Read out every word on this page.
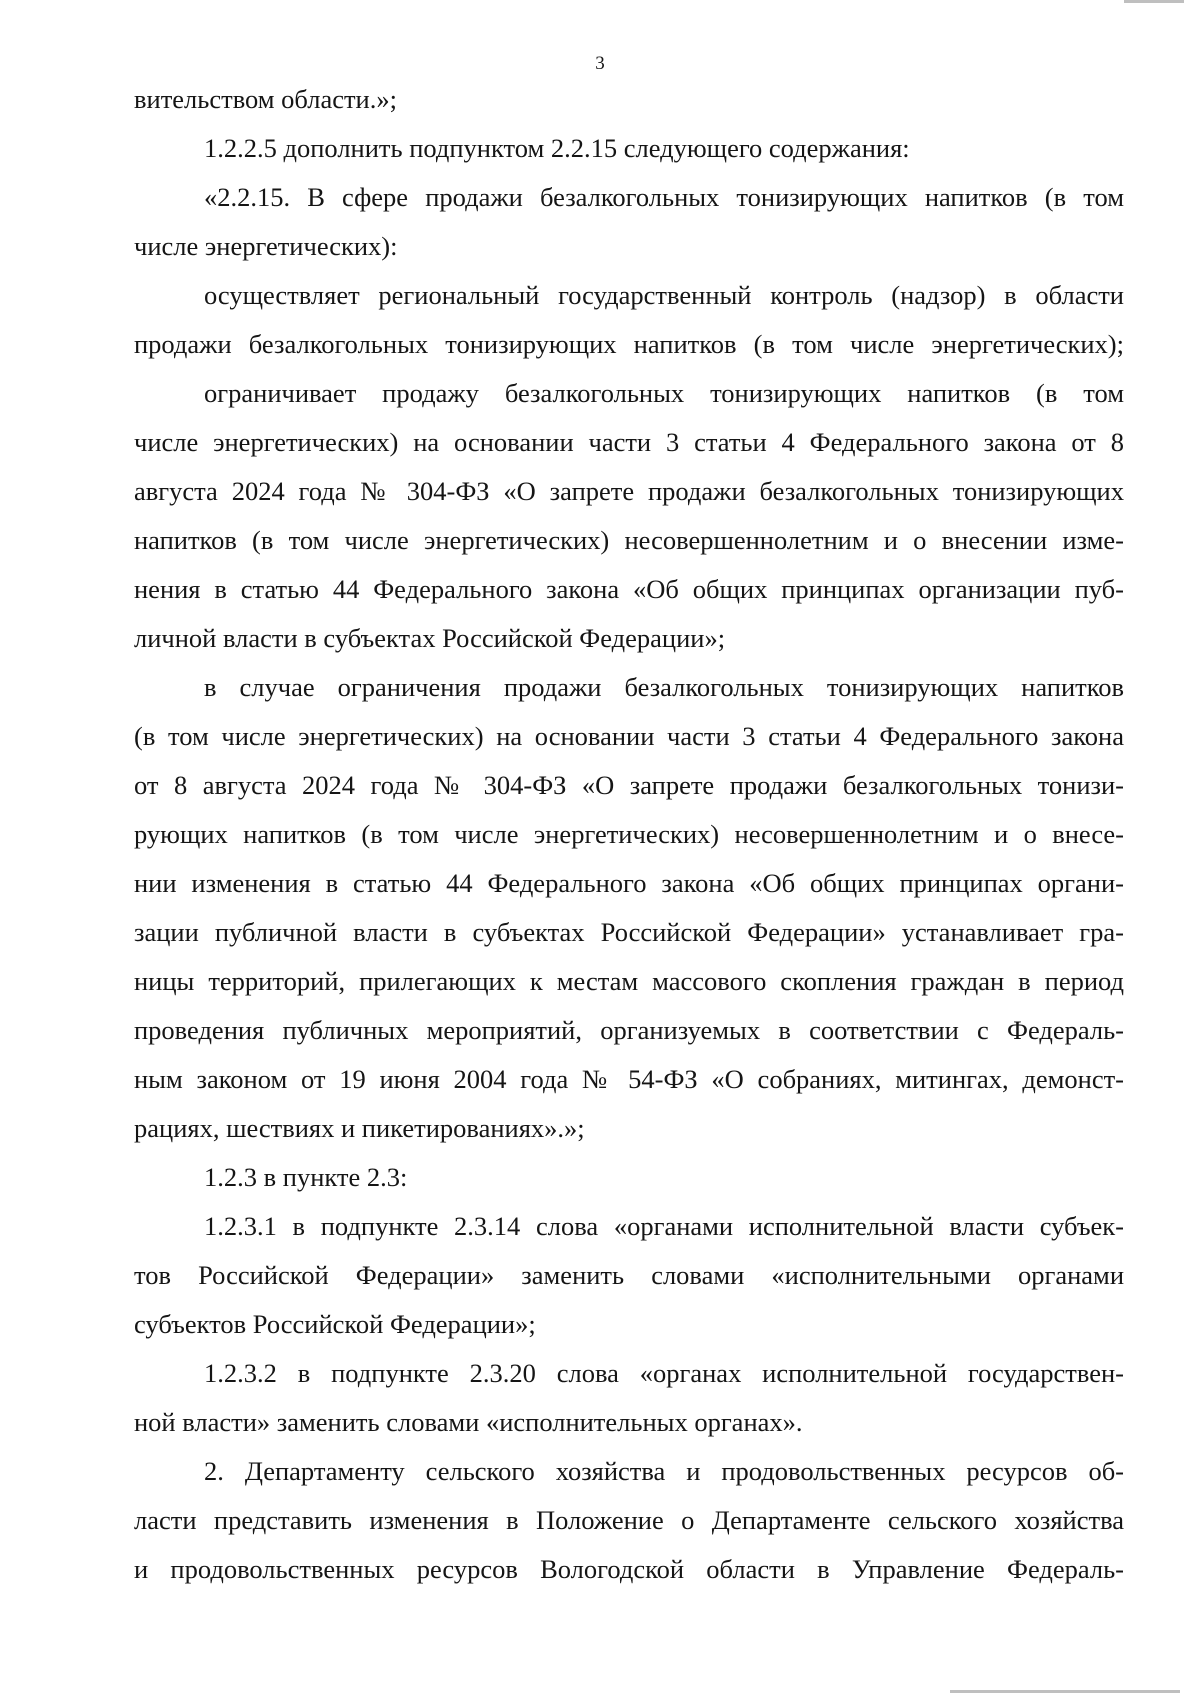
3
вительством области.»;
1.2.2.5 дополнить подпунктом 2.2.15 следующего содержания:
«2.2.15. В сфере продажи безалкогольных тонизирующих напитков (в том
числе энергетических):
осуществляет региональный государственный контроль (надзор) в области
продажи безалкогольных тонизирующих напитков (в том числе энергетических);
ограничивает продажу безалкогольных тонизирующих напитков (в том
числе энергетических) на основании части 3 статьи 4 Федерального закона от 8
августа 2024 года № 304-ФЗ «О запрете продажи безалкогольных тонизирующих
напитков (в том числе энергетических) несовершеннолетним и о внесении изме-
нения в статью 44 Федерального закона «Об общих принципах организации пуб-
личной власти в субъектах Российской Федерации»;
в случае ограничения продажи безалкогольных тонизирующих напитков
(в том числе энергетических) на основании части 3 статьи 4 Федерального закона
от 8 августа 2024 года № 304-ФЗ «О запрете продажи безалкогольных тонизи-
рующих напитков (в том числе энергетических) несовершеннолетним и о внесе-
нии изменения в статью 44 Федерального закона «Об общих принципах органи-
зации публичной власти в субъектах Российской Федерации» устанавливает гра-
ницы территорий, прилегающих к местам массового скопления граждан в период
проведения публичных мероприятий, организуемых в соответствии с Федераль-
ным законом от 19 июня 2004 года № 54-ФЗ «О собраниях, митингах, демонст-
рациях, шествиях и пикетированиях».»;
1.2.3 в пункте 2.3:
1.2.3.1 в подпункте 2.3.14 слова «органами исполнительной власти субъек-
тов Российской Федерации» заменить словами «исполнительными органами
субъектов Российской Федерации»;
1.2.3.2 в подпункте 2.3.20 слова «органах исполнительной государствен-
ной власти» заменить словами «исполнительных органах».
2. Департаменту сельского хозяйства и продовольственных ресурсов об-
ласти представить изменения в Положение о Департаменте сельского хозяйства
и продовольственных ресурсов Вологодской области в Управление Федераль-
